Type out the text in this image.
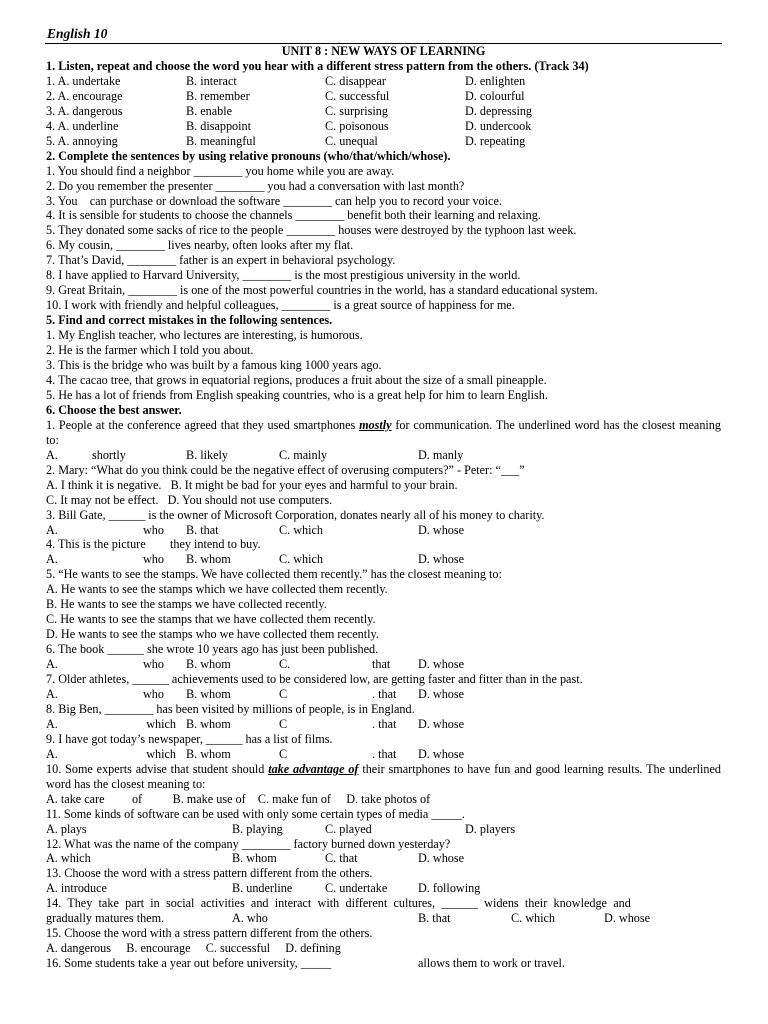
English 10
UNIT 8 : NEW WAYS OF LEARNING
1. Listen, repeat and choose the word you hear with a different stress pattern from the others. (Track 34)
1. A. undertake	B. interact	C. disappear	D. enlighten
2. A. encourage	B. remember	C. successful	D. colourful
3. A. dangerous	B. enable	C. surprising	D. depressing
4. A. underline	B. disappoint	C. poisonous	D. undercook
5. A. annoying	B. meaningful	C. unequal	D. repeating
2. Complete the sentences by using relative pronouns (who/that/which/whose).
1. You should find a neighbor ________ you home while you are away.
2. Do you remember the presenter ________ you had a conversation with last month?
3. You    can purchase or download the software ________ can help you to record your voice.
4. It is sensible for students to choose the channels ________ benefit both their learning and relaxing.
5. They donated some sacks of rice to the people ________ houses were destroyed by the typhoon last week.
6. My cousin, ________ lives nearby, often looks after my flat.
7. That’s David, ________ father is an expert in behavioral psychology.
8. I have applied to Harvard University, ________ is the most prestigious university in the world.
9. Great Britain, ________ is one of the most powerful countries in the world, has a standard educational system.
10. I work with friendly and helpful colleagues, ________ is a great source of happiness for me.
5. Find and correct mistakes in the following sentences.
1. My English teacher, who lectures are interesting, is humorous.
2. He is the farmer which I told you about.
3. This is the bridge who was built by a famous king 1000 years ago.
4. The cacao tree, that grows in equatorial regions, produces a fruit about the size of a small pineapple.
5. He has a lot of friends from English speaking countries, who is a great help for him to learn English.
6. Choose the best answer.
1. People at the conference agreed that they used smartphones mostly for communication. The underlined word has the closest meaning to:
A.	shortly	B. likely	C. mainly	D. manly
2. Mary: “What do you think could be the negative effect of overusing computers?” - Peter: “___”
A. I think it is negative.   B. It might be bad for your eyes and harmful to your brain.
C. It may not be effect.   D. You should not use computers.
3. Bill Gate, ______ is the owner of Microsoft Corporation, donates nearly all of his money to charity.
A.	who	B. that	C. which	D. whose
4. This is the picture        they intend to buy.
A.	who	B. whom	C. which	D. whose
5. “He wants to see the stamps. We have collected them recently.” has the closest meaning to:
A. He wants to see the stamps which we have collected them recently.
B. He wants to see the stamps we have collected recently.
C. He wants to see the stamps that we have collected them recently.
D. He wants to see the stamps who we have collected them recently.
6. The book ______ she wrote 10 years ago has just been published.
A.	who	B. whom	C.	that	D. whose
7. Older athletes, ______ achievements used to be considered low, are getting faster and fitter than in the past.
A.	who	B. whom	C	. that	D. whose
8. Big Ben, ________ has been visited by millions of people, is in England.
A.	which B. whom	C	. that	D. whose
9. I have got today’s newspaper, ______ has a list of films.
A.	which B. whom	C	. that	D. whose
10. Some experts advise that student should take advantage of their smartphones to have fun and good learning results. The underlined word has the closest meaning to:
A. take care         of          B. make use of    C. make fun of     D. take photos of
11. Some kinds of software can be used with only some certain types of media _____.
A. plays	B. playing	C. played	D. players
12. What was the name of the company ________ factory burned down yesterday?
A. which	B. whom	C. that	D. whose
13. Choose the word with a stress pattern different from the others.
A. introduce	B. underline	C. undertake	D. following
14. They take part in social activities and interact with different cultures, ______ widens their knowledge and
gradually matures them.	A. who	B. that	C. which	D. whose
15. Choose the word with a stress pattern different from the others.
A. dangerous     B. encourage     C. successful     D. defining
16. Some students take a year out before university, _____	allows them to work or travel.
